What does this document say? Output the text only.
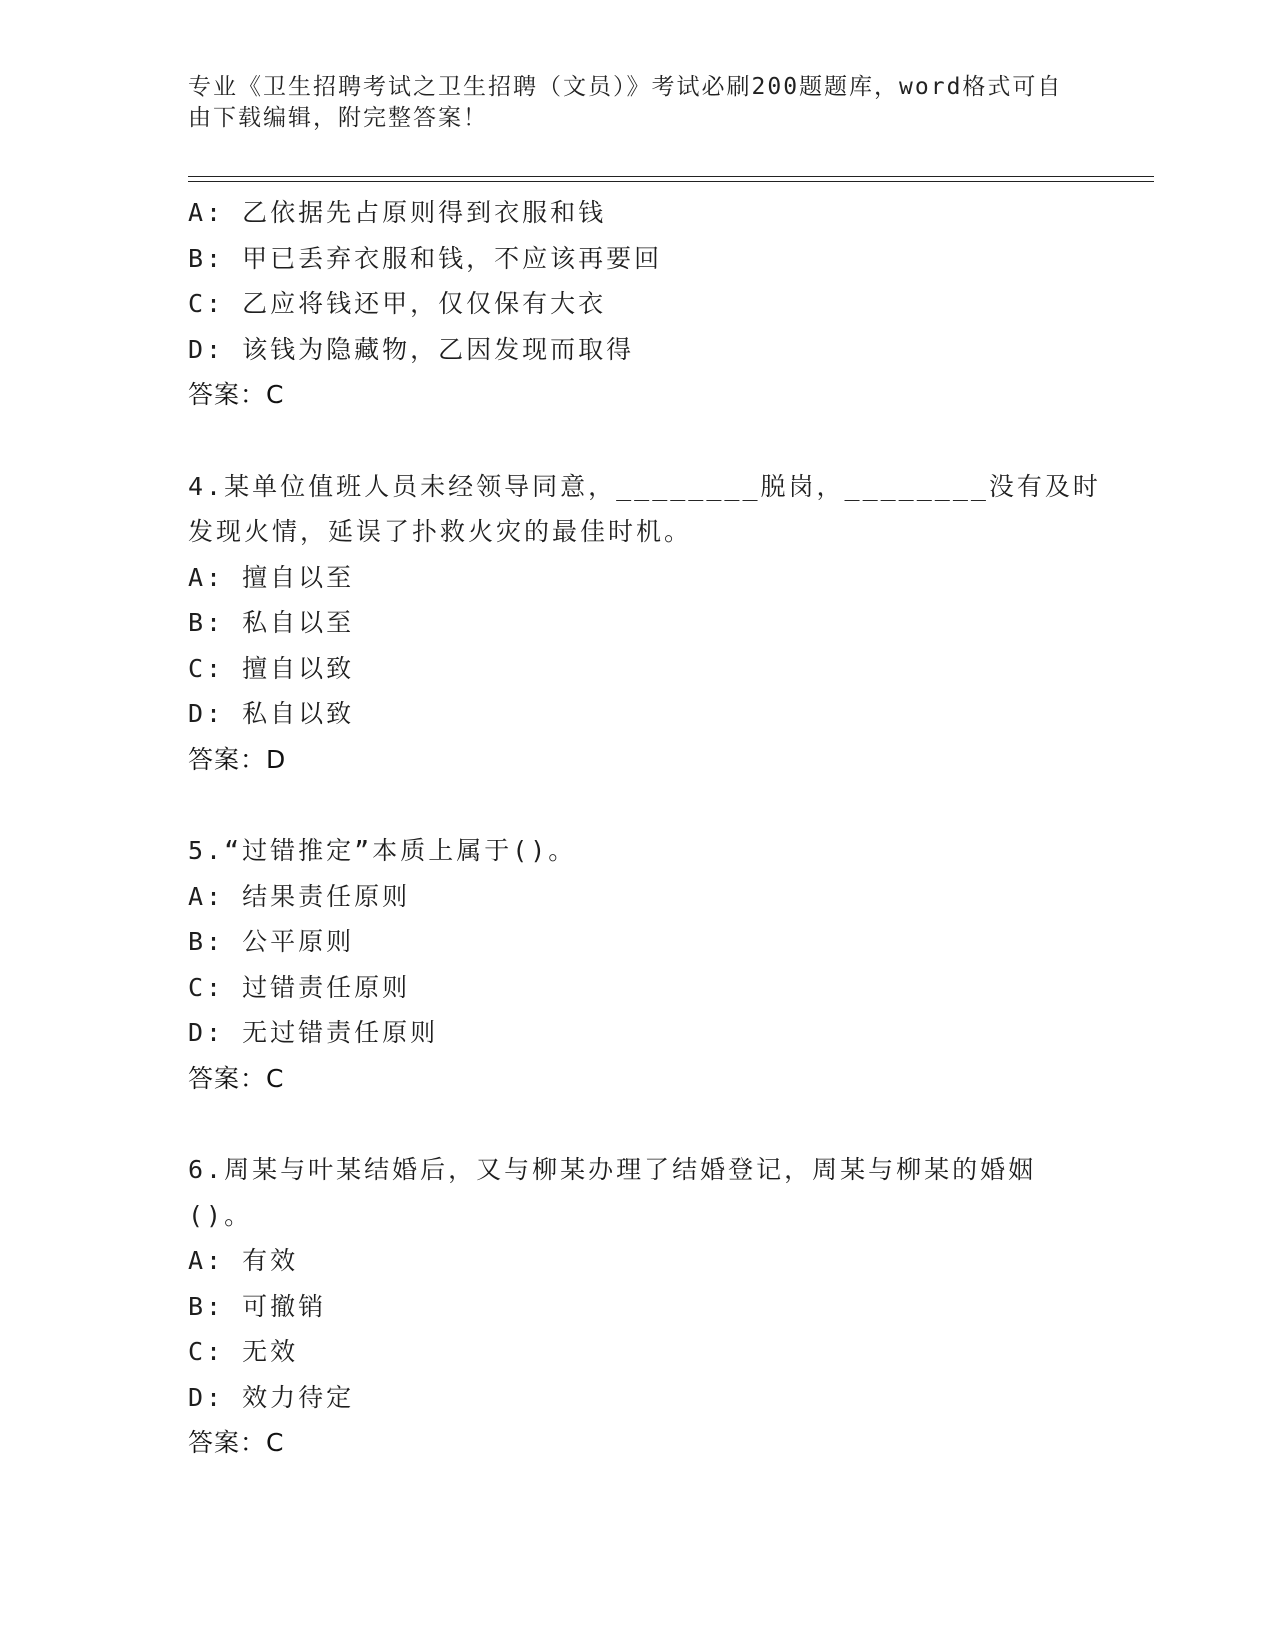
专业《卫生招聘考试之卫生招聘（文员）》考试必刷200题题库，word格式可自
由下载编辑，附完整答案！
A: 乙依据先占原则得到衣服和钱
B: 甲已丢弃衣服和钱，不应该再要回
C: 乙应将钱还甲，仅仅保有大衣
D: 该钱为隐藏物，乙因发现而取得
答案：C
4.某单位值班人员未经领导同意，________脱岗，________没有及时
发现火情，延误了扑救火灾的最佳时机。
A: 擅自以至
B: 私自以至
C: 擅自以致
D: 私自以致
答案：D
5.“过错推定”本质上属于()。
A: 结果责任原则
B: 公平原则
C: 过错责任原则
D: 无过错责任原则
答案：C
6.周某与叶某结婚后，又与柳某办理了结婚登记，周某与柳某的婚姻
()。
A: 有效
B: 可撤销
C: 无效
D: 效力待定
答案：C
